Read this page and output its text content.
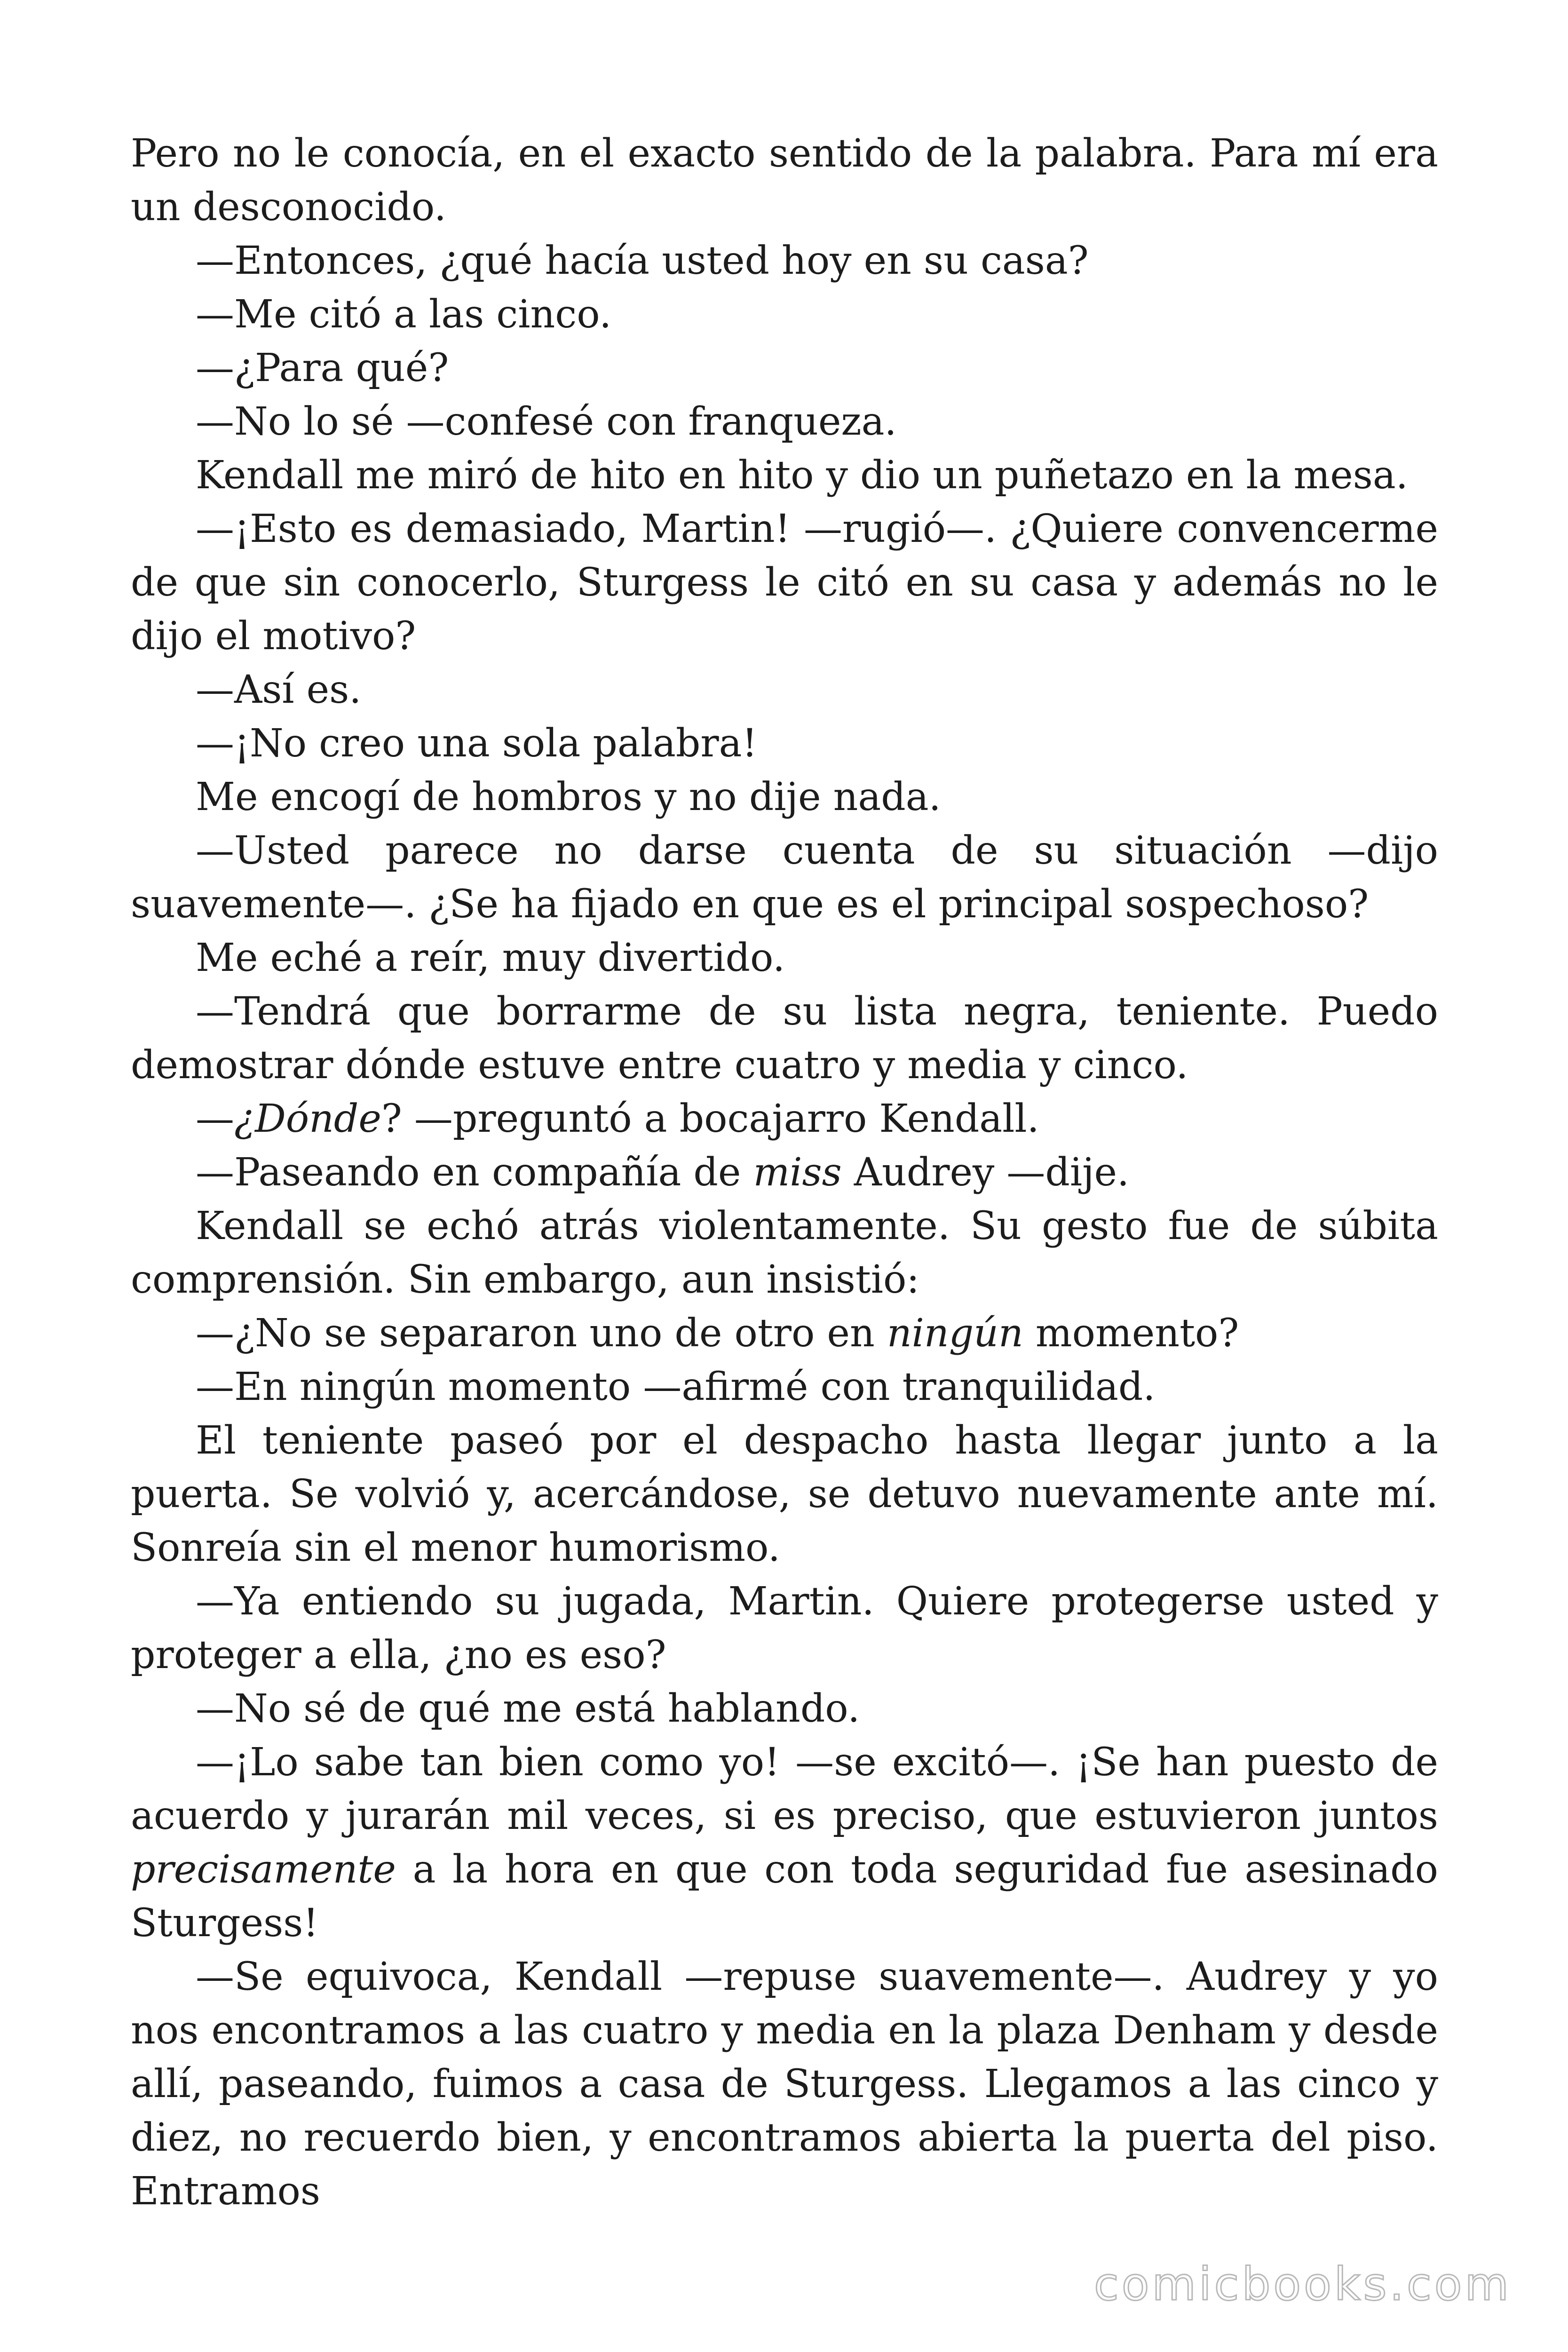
Pero no le conocía, en el exacto sentido de la palabra. Para mí era un desconocido.

—Entonces, ¿qué hacía usted hoy en su casa?

—Me citó a las cinco.

—¿Para qué?

—No lo sé —confesé con franqueza.

Kendall me miró de hito en hito y dio un puñetazo en la mesa.

—¡Esto es demasiado, Martin! —rugió—. ¿Quiere convencerme de que sin conocerlo, Sturgess le citó en su casa y además no le dijo el motivo?

—Así es.

—¡No creo una sola palabra!

Me encogí de hombros y no dije nada.

—Usted parece no darse cuenta de su situación —dijo suavemente—. ¿Se ha fijado en que es el principal sospechoso?

Me eché a reír, muy divertido.

—Tendrá que borrarme de su lista negra, teniente. Puedo demostrar dónde estuve entre cuatro y media y cinco.

—¿Dónde? —preguntó a bocajarro Kendall.

—Paseando en compañía de miss Audrey —dije.

Kendall se echó atrás violentamente. Su gesto fue de súbita comprensión. Sin embargo, aun insistió:

—¿No se separaron uno de otro en ningún momento?

—En ningún momento —afirmé con tranquilidad.

El teniente paseó por el despacho hasta llegar junto a la puerta. Se volvió y, acercándose, se detuvo nuevamente ante mí. Sonreía sin el menor humorismo.

—Ya entiendo su jugada, Martin. Quiere protegerse usted y proteger a ella, ¿no es eso?

—No sé de qué me está hablando.

—¡Lo sabe tan bien como yo! —se excitó—. ¡Se han puesto de acuerdo y jurarán mil veces, si es preciso, que estuvieron juntos precisamente a la hora en que con toda seguridad fue asesinado Sturgess!

—Se equivoca, Kendall —repuse suavemente—. Audrey y yo nos encontramos a las cuatro y media en la plaza Denham y desde allí, paseando, fuimos a casa de Sturgess. Llegamos a las cinco y diez, no recuerdo bien, y encontramos abierta la puerta del piso. Entramos

comicbooks.com
